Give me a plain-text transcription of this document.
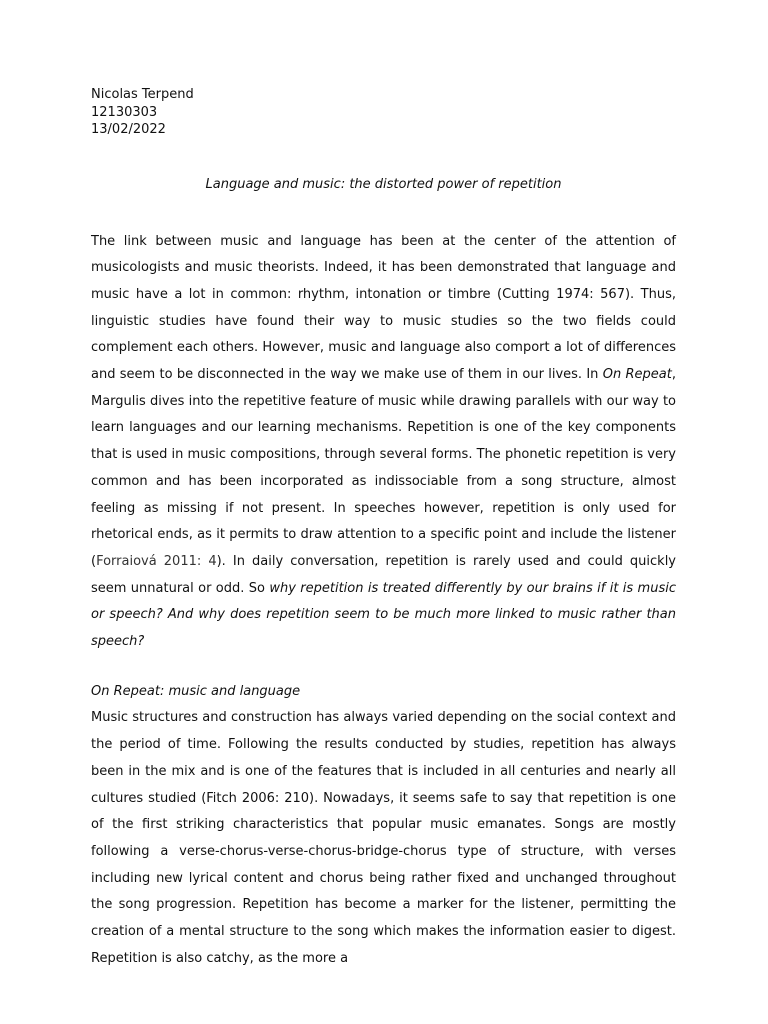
Nicolas Terpend

12130303

13/02/2022

Language and music: the distorted power of repetition

The link between music and language has been at the center of the attention of musicologists and music theorists. Indeed, it has been demonstrated that language and music have a lot in common: rhythm, intonation or timbre (Cutting 1974: 567). Thus, linguistic studies have found their way to music studies so the two fields could complement each others. However, music and language also comport a lot of differences and seem to be disconnected in the way we make use of them in our lives. In On Repeat, Margulis dives into the repetitive feature of music while drawing parallels with our way to learn languages and our learning mechanisms. Repetition is one of the key components that is used in music compositions, through several forms. The phonetic repetition is very common and has been incorporated as indissociable from a song structure, almost feeling as missing if not present. In speeches however, repetition is only used for rhetorical ends, as it permits to draw attention to a specific point and include the listener (Forraiová 2011: 4). In daily conversation, repetition is rarely used and could quickly seem unnatural or odd. So why repetition is treated differently by our brains if it is music or speech? And why does repetition seem to be much more linked to music rather than speech?

On Repeat: music and language

Music structures and construction has always varied depending on the social context and the period of time. Following the results conducted by studies, repetition has always been in the mix and is one of the features that is included in all centuries and nearly all cultures studied (Fitch 2006: 210). Nowadays, it seems safe to say that repetition is one of the first striking characteristics that popular music emanates. Songs are mostly following a verse-chorus-verse-chorus-bridge-chorus type of structure, with verses including new lyrical content and chorus being rather fixed and unchanged throughout the song progression. Repetition has become a marker for the listener, permitting the creation of a mental structure to the song which makes the information easier to digest. Repetition is also catchy, as the more a
